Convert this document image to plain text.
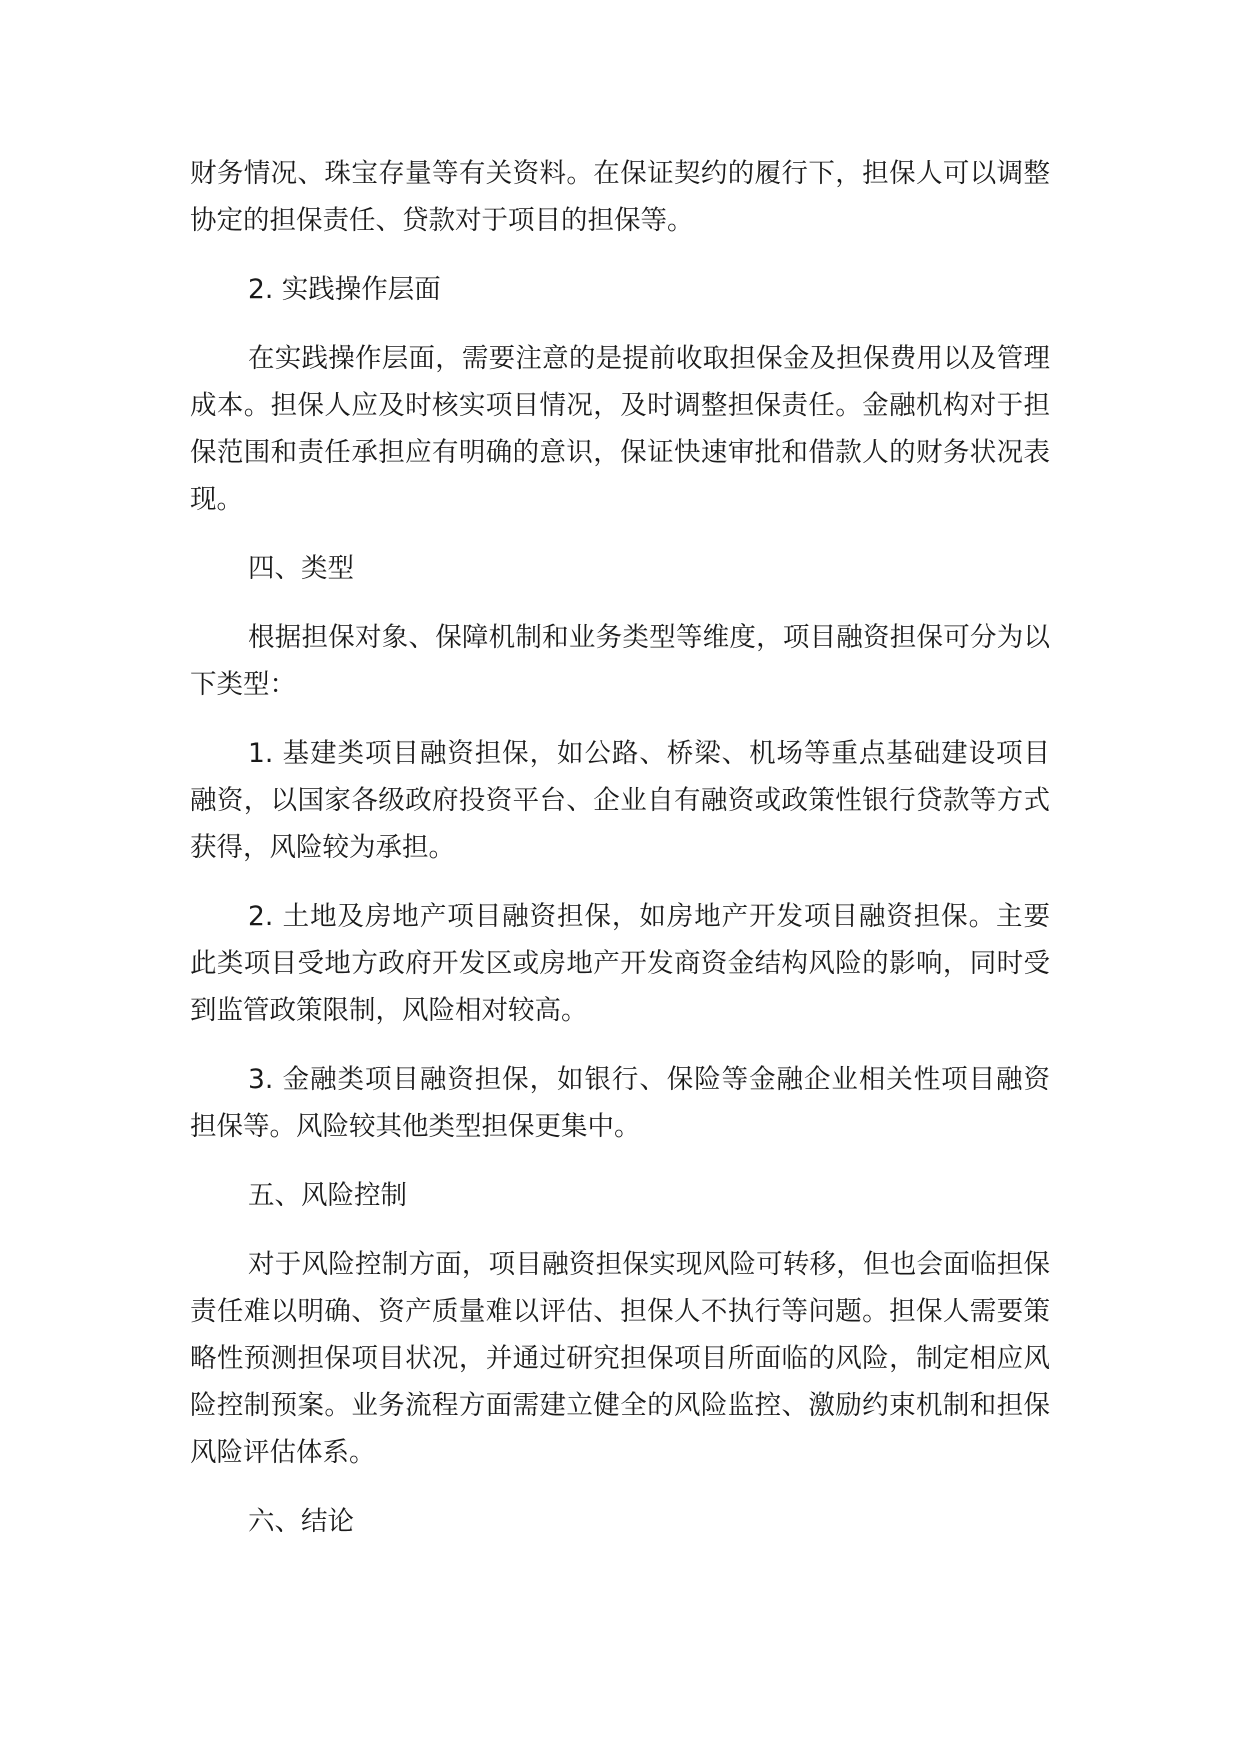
财务情况、珠宝存量等有关资料。在保证契约的履行下，担保人可以调整协定的担保责任、贷款对于项目的担保等。

2. 实践操作层面

在实践操作层面，需要注意的是提前收取担保金及担保费用以及管理成本。担保人应及时核实项目情况，及时调整担保责任。金融机构对于担保范围和责任承担应有明确的意识，保证快速审批和借款人的财务状况表现。

四、类型

根据担保对象、保障机制和业务类型等维度，项目融资担保可分为以下类型：

1. 基建类项目融资担保，如公路、桥梁、机场等重点基础建设项目融资，以国家各级政府投资平台、企业自有融资或政策性银行贷款等方式获得，风险较为承担。

2. 土地及房地产项目融资担保，如房地产开发项目融资担保。主要此类项目受地方政府开发区或房地产开发商资金结构风险的影响，同时受到监管政策限制，风险相对较高。

3. 金融类项目融资担保，如银行、保险等金融企业相关性项目融资担保等。风险较其他类型担保更集中。

五、风险控制

对于风险控制方面，项目融资担保实现风险可转移，但也会面临担保责任难以明确、资产质量难以评估、担保人不执行等问题。担保人需要策略性预测担保项目状况，并通过研究担保项目所面临的风险，制定相应风险控制预案。业务流程方面需建立健全的风险监控、激励约束机制和担保风险评估体系。

六、结论
